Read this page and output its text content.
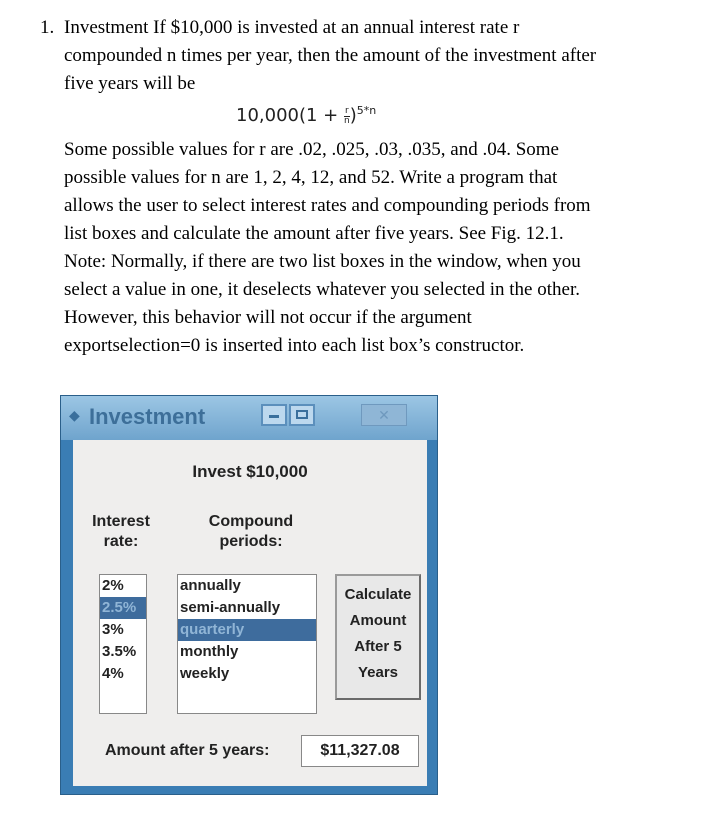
1. Investment If $10,000 is invested at an annual interest rate r

compounded n times per year, then the amount of the investment after

five years will be

$10,000(1 + \frac{r}{n})^{5*n}$
Some possible values for r are .02, .025, .03, .035, and .04. Some
possible values for n are 1, 2, 4, 12, and 52. Write a program that
allows the user to select interest rates and compounding periods from
list boxes and calculate the amount after five years. See Fig. 12.1.
Note: Normally, if there are two list boxes in the window, when you
select a value in one, it deselects whatever you selected in the other.
However, this behavior will not occur if the argument
exportselection=0 is inserted into each list box’s constructor.
◆ Investment	✕
Invest $10,000
Interest
rate:
Compound
periods:
2%
2.5%
3%
3.5%
4%
annually
semi-annually
quarterly
monthly
weekly
Calculate
Amount
After 5
Years
Amount after 5 years:	$11,327.08
